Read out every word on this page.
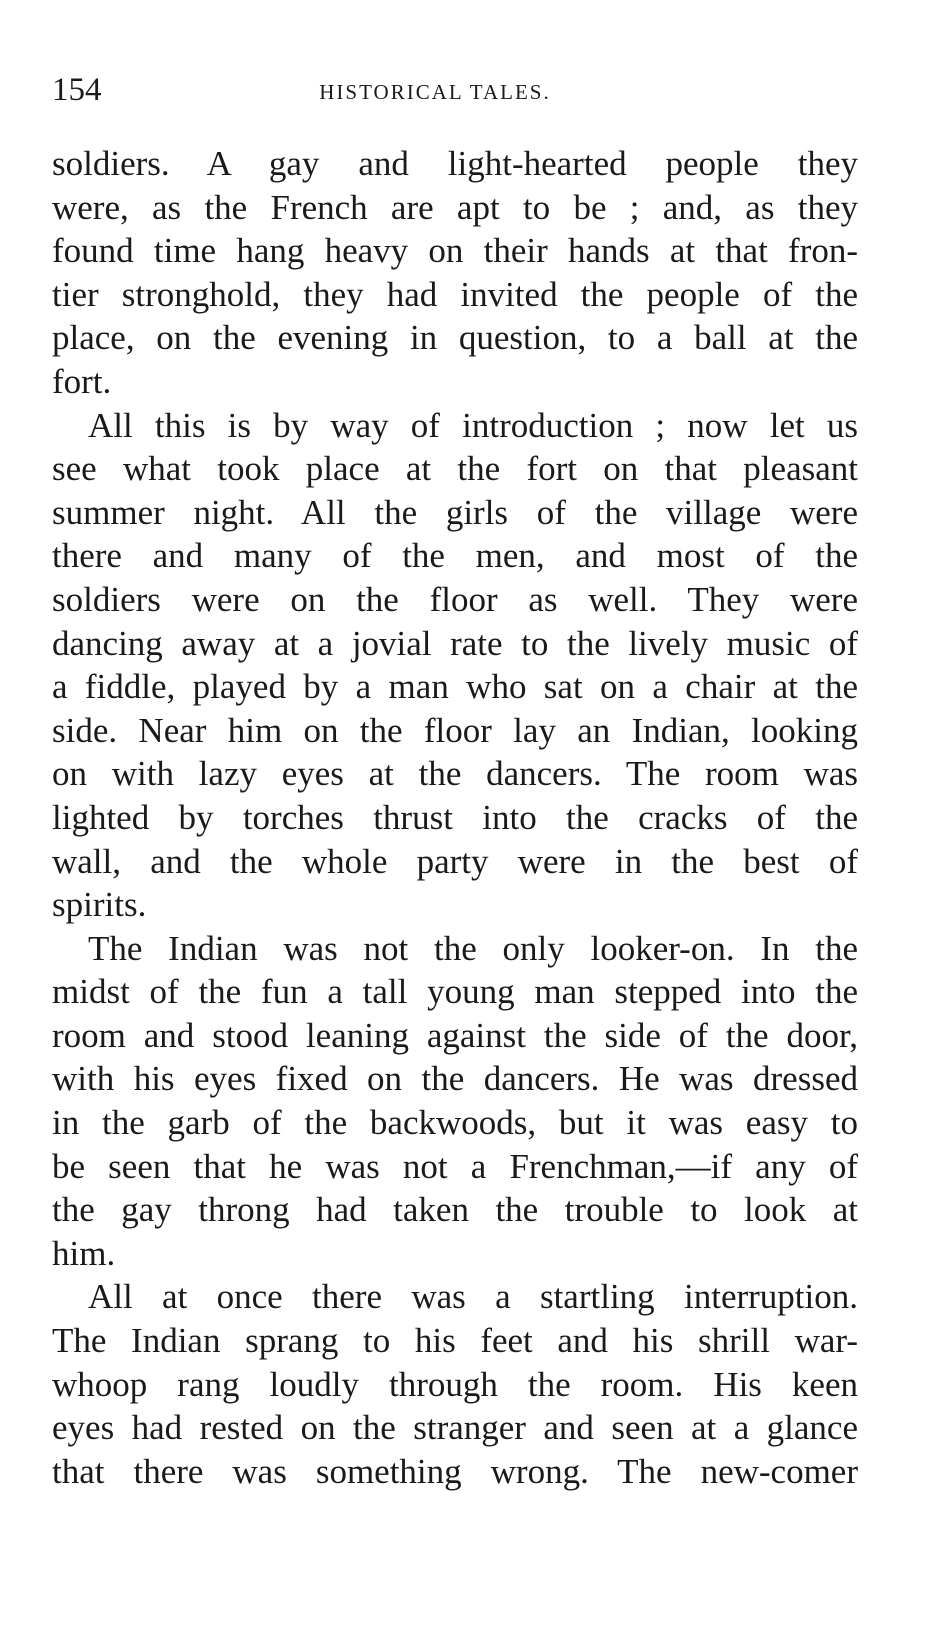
154	HISTORICAL TALES.

soldiers. A gay and light-hearted people they
were, as the French are apt to be ; and, as they
found time hang heavy on their hands at that fron-
tier stronghold, they had invited the people of the
place, on the evening in question, to a ball at the
fort.

All this is by way of introduction ; now let us
see what took place at the fort on that pleasant
summer night. All the girls of the village were
there and many of the men, and most of the
soldiers were on the floor as well. They were
dancing away at a jovial rate to the lively music of
a fiddle, played by a man who sat on a chair at the
side. Near him on the floor lay an Indian, looking
on with lazy eyes at the dancers. The room was
lighted by torches thrust into the cracks of the
wall, and the whole party were in the best of
spirits.

The Indian was not the only looker-on. In the
midst of the fun a tall young man stepped into the
room and stood leaning against the side of the door,
with his eyes fixed on the dancers. He was dressed
in the garb of the backwoods, but it was easy to
be seen that he was not a Frenchman,—if any of
the gay throng had taken the trouble to look at
him.

All at once there was a startling interruption.
The Indian sprang to his feet and his shrill war-
whoop rang loudly through the room. His keen
eyes had rested on the stranger and seen at a glance
that there was something wrong. The new-comer
